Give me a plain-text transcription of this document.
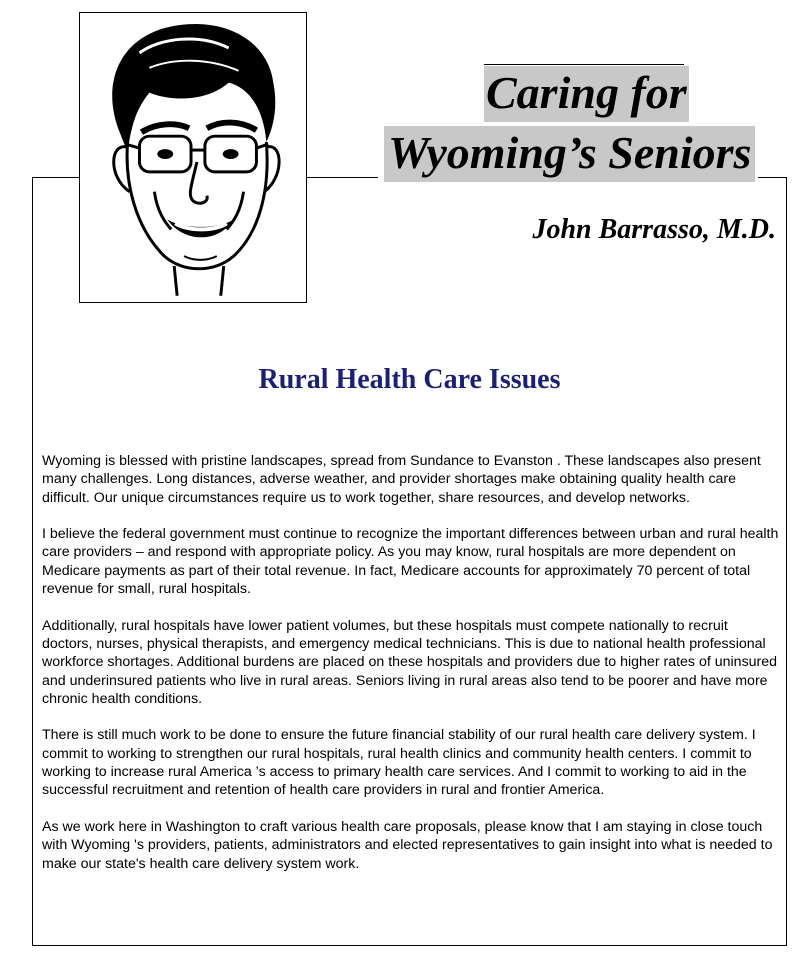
Caring for
Wyoming’s Seniors
John Barrasso, M.D.
Rural Health Care Issues

Wyoming is blessed with pristine landscapes, spread from Sundance to Evanston . These landscapes also present many challenges. Long distances, adverse weather, and provider shortages make obtaining quality health care difficult. Our unique circumstances require us to work together, share resources, and develop networks.

I believe the federal government must continue to recognize the important differences between urban and rural health care providers – and respond with appropriate policy. As you may know, rural hospitals are more dependent on Medicare payments as part of their total revenue. In fact, Medicare accounts for approximately 70 percent of total revenue for small, rural hospitals.

Additionally, rural hospitals have lower patient volumes, but these hospitals must compete nationally to recruit doctors, nurses, physical therapists, and emergency medical technicians. This is due to national health professional workforce shortages. Additional burdens are placed on these hospitals and providers due to higher rates of uninsured and underinsured patients who live in rural areas. Seniors living in rural areas also tend to be poorer and have more chronic health conditions.

There is still much work to be done to ensure the future financial stability of our rural health care delivery system. I commit to working to strengthen our rural hospitals, rural health clinics and community health centers. I commit to working to increase rural America ’s access to primary health care services. And I commit to working to aid in the successful recruitment and retention of health care providers in rural and frontier America.

As we work here in Washington to craft various health care proposals, please know that I am staying in close touch with Wyoming 's providers, patients, administrators and elected representatives to gain insight into what is needed to make our state's health care delivery system work.
